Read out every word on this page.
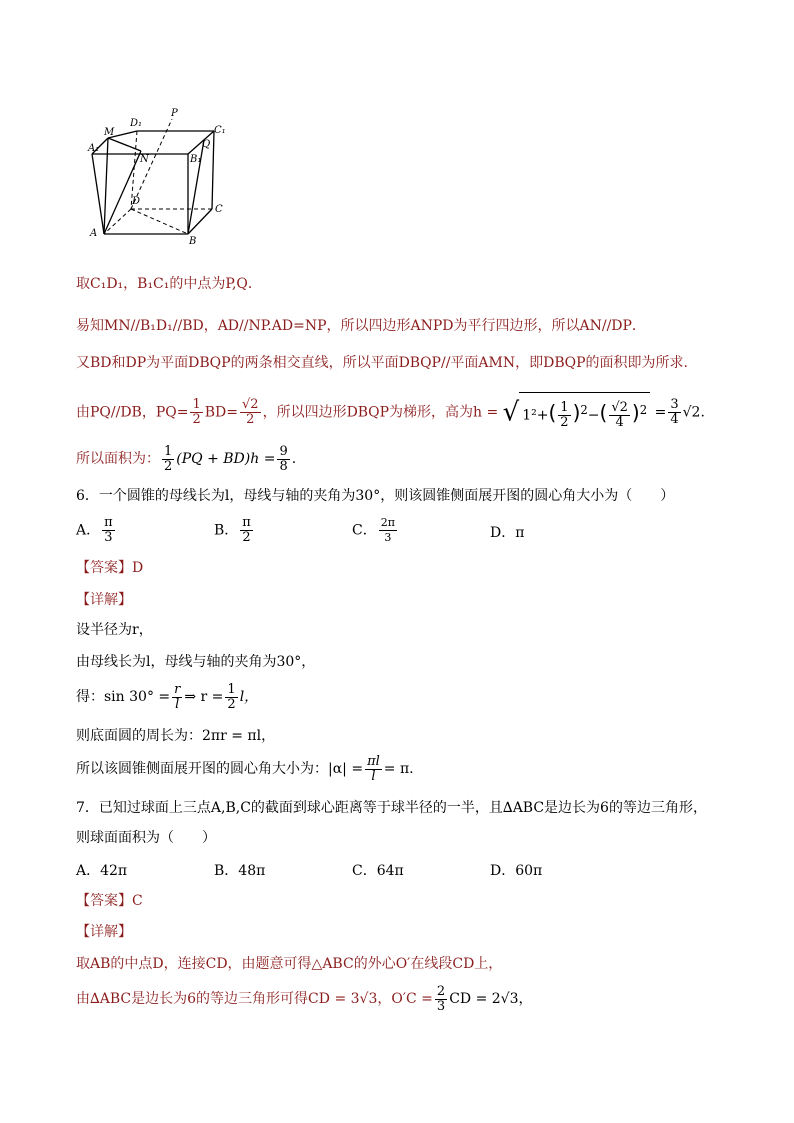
P
M
D₁
C₁
A₁
N
Q
B₁
D
C
A
B
取C₁D₁，B₁C₁的中点为P,Q．
易知MN//B₁D₁//BD，AD//NP.AD=NP，所以四边形ANPD为平行四边形，所以AN//DP．
又BD和DP为平面DBQP的两条相交直线，所以平面DBQP//平面AMN，即DBQP的面积即为所求.
由PQ//DB，$PQ= \frac{1}{2} BD= \frac{√2}{2}$ ，所以四边形DBQP为梯形，高为h = √ $1^2+( \frac{1}{2} )^2-( \frac{√2}{4} )^2 = \frac{3}{4} √2$.
所以面积为： $\frac{1}{2} (PQ + BD)h = \frac{9}{8}$ .
6．一个圆锥的母线长为l，母线与轴的夹角为30°，则该圆锥侧面展开图的圆心角大小为（　　）
A． $\frac{\pi}{3}$	B． $\frac{\pi}{2}$	C． $\frac{2\pi}{3}$	D．π
【答案】D
【详解】
设半径为r，
由母线长为l，母线与轴的夹角为30°，
得：$\sin 30^\circ = \frac{r}{l}$ ⇒ $r = \frac{1}{2}$ l，
则底面圆的周长为：2πr = πl，
所以该圆锥侧面展开图的圆心角大小为：$|\alpha| = \frac{\pi l}{l} = \pi$.
7．已知过球面上三点A,B,C的截面到球心距离等于球半径的一半，且∆ABC是边长为6的等边三角形，
则球面面积为（　　）
A．42π	B．48π	C．64π	D．60π
【答案】C
【详解】
取AB的中点D，连接CD，由题意可得△ABC的外心O′在线段CD上，
由∆ABC是边长为6的等边三角形可得CD = 3√3，$O'C = \frac{2}{3}$ CD = 2√3，
